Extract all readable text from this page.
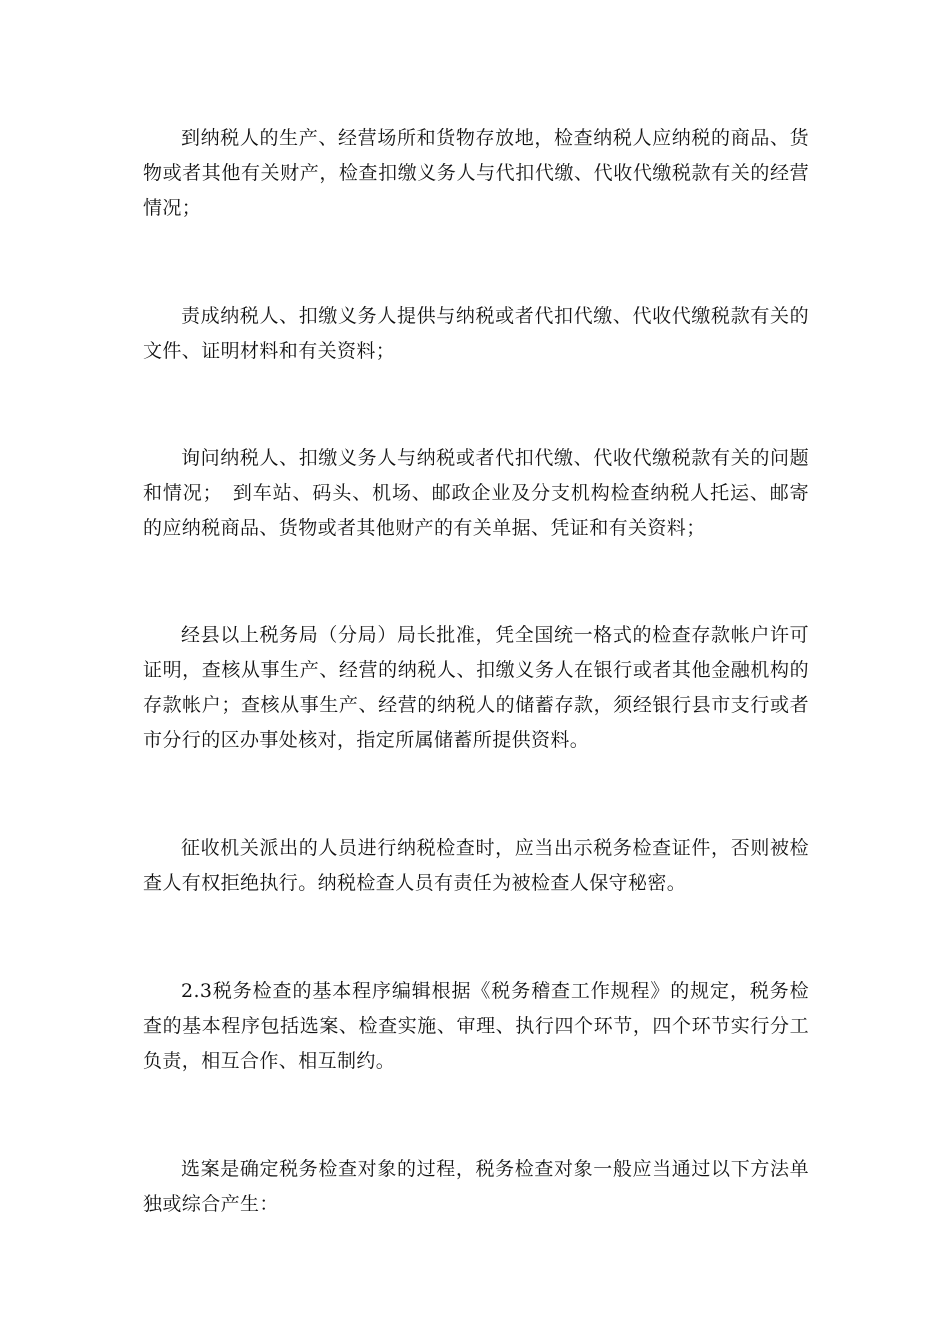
到纳税人的生产、经营场所和货物存放地，检查纳税人应纳税的商品、货物或者其他有关财产，检查扣缴义务人与代扣代缴、代收代缴税款有关的经营情况；

责成纳税人、扣缴义务人提供与纳税或者代扣代缴、代收代缴税款有关的文件、证明材料和有关资料；

询问纳税人、扣缴义务人与纳税或者代扣代缴、代收代缴税款有关的问题和情况；　到车站、码头、机场、邮政企业及分支机构检查纳税人托运、邮寄的应纳税商品、货物或者其他财产的有关单据、凭证和有关资料；

经县以上税务局（分局）局长批准，凭全国统一格式的检查存款帐户许可证明，查核从事生产、经营的纳税人、扣缴义务人在银行或者其他金融机构的存款帐户；查核从事生产、经营的纳税人的储蓄存款，须经银行县市支行或者市分行的区办事处核对，指定所属储蓄所提供资料。

征收机关派出的人员进行纳税检查时，应当出示税务检查证件，否则被检查人有权拒绝执行。纳税检查人员有责任为被检查人保守秘密。

2.3税务检查的基本程序编辑根据《税务稽查工作规程》的规定，税务检查的基本程序包括选案、检查实施、审理、执行四个环节，四个环节实行分工负责，相互合作、相互制约。

选案是确定税务检查对象的过程，税务检查对象一般应当通过以下方法单独或综合产生：
